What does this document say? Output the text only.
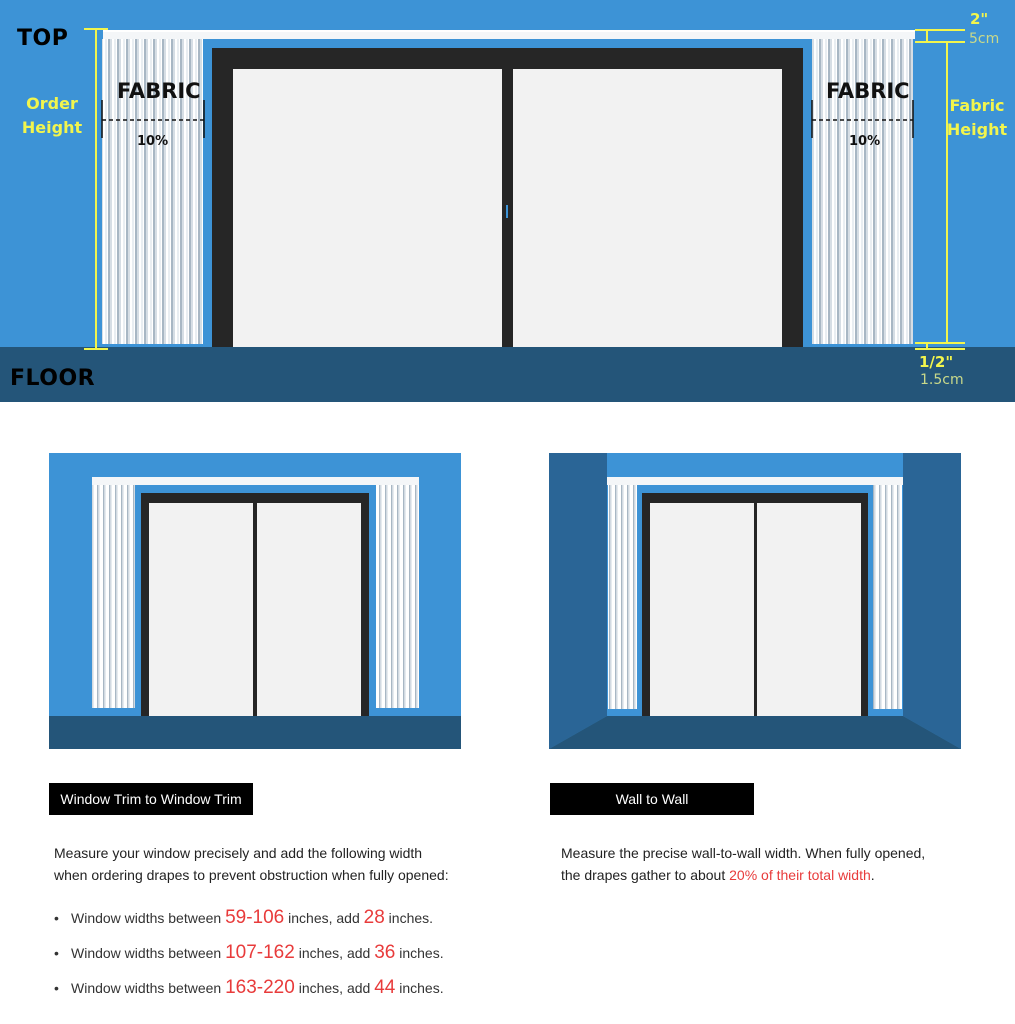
TOP
FLOOR
Order
Height
Fabric
Height
FABRIC
10%
FABRIC
10%
2"
5cm
1/2"
1.5cm
Window Trim to Window Trim	Wall to Wall
Measure your window precisely and add the following width
when ordering drapes to prevent obstruction when fully opened:
• Window widths between 59-106 inches, add 28 inches.
• Window widths between 107-162 inches, add 36 inches.
• Window widths between 163-220 inches, add 44 inches.
Measure the precise wall-to-wall width. When fully opened,
the drapes gather to about 20% of their total width.
